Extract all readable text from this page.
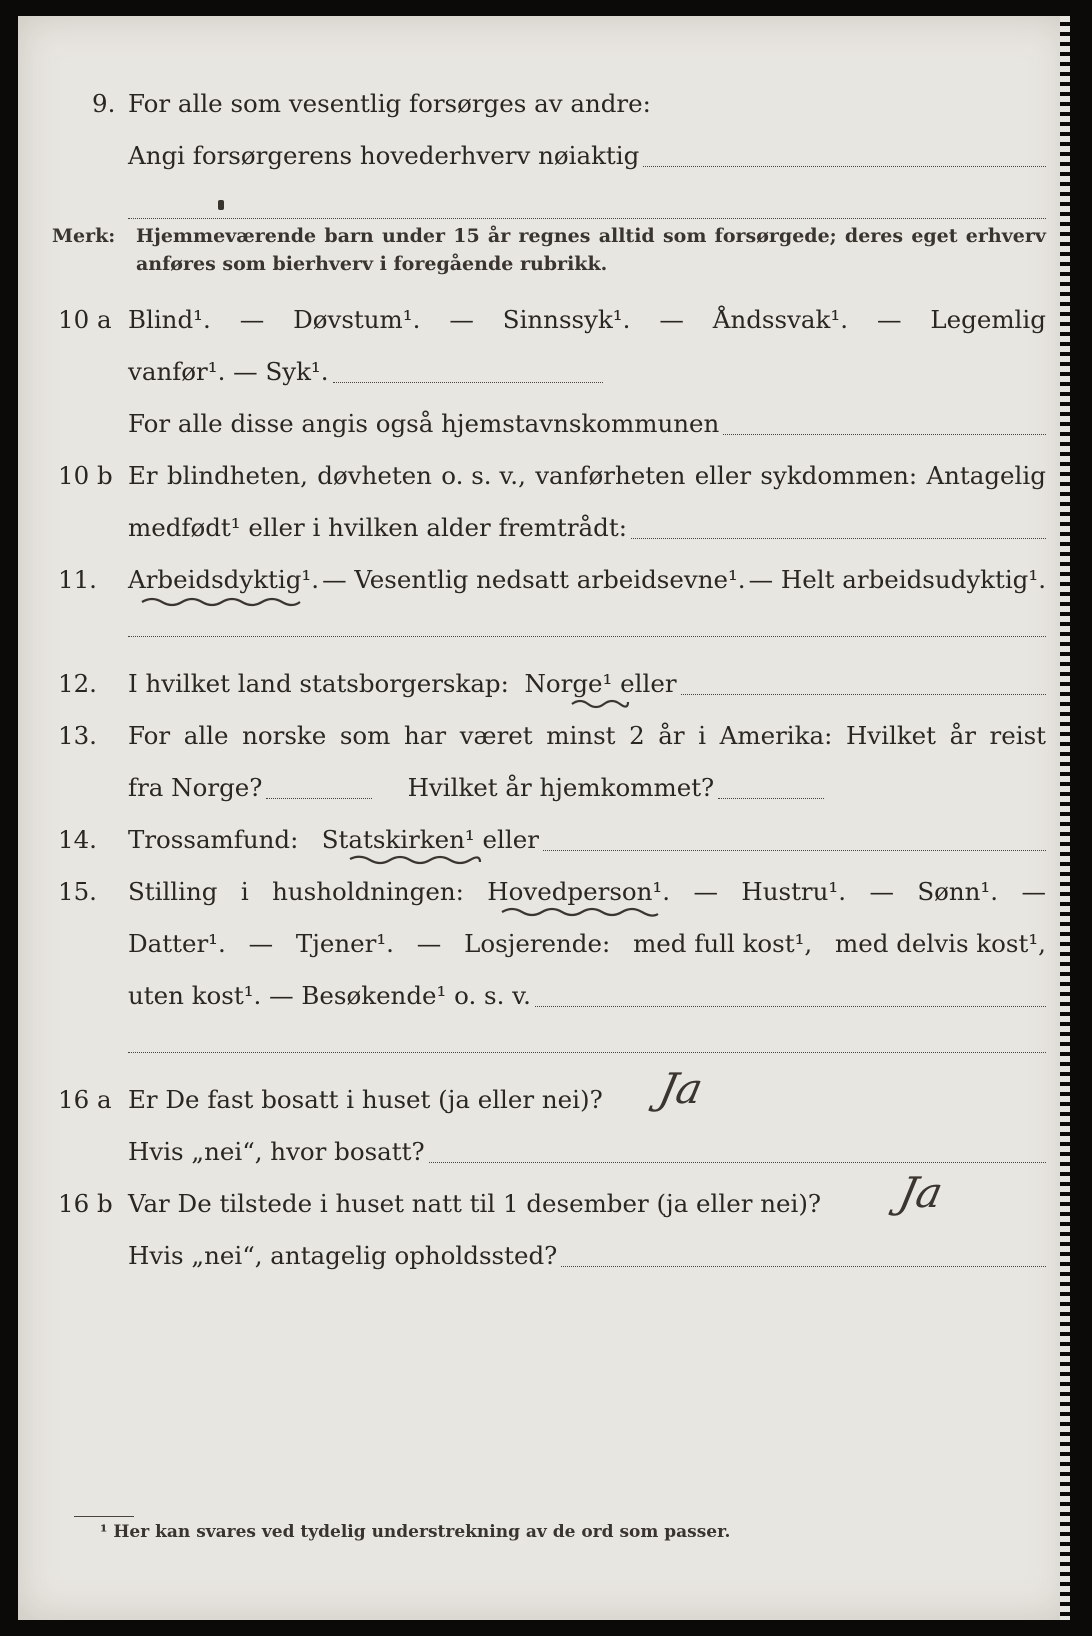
9. For alle som vesentlig forsørges av andre:
Angi forsørgerens hovederhverv nøiaktig
Merk: Hjemmeværende barn under 15 år regnes alltid som forsørgede; deres eget erhverv
anføres som bierhverv i foregående rubrikk.
10 a Blind¹. — Døvstum¹. — Sinnssyk¹. — Åndssvak¹. — Legemlig
vanfør¹. — Syk¹.
For alle disse angis også hjemstavnskommunen
10 b Er blindheten, døvheten o. s. v., vanførheten eller sykdommen: Antagelig
medfødt¹ eller i hvilken alder fremtrådt:
11.	Arbeidsdyktig¹. — Vesentlig nedsatt arbeidsevne¹. — Helt arbeidsudyktig¹.
12.	I hvilket land statsborgerskap:
Norge¹
eller
13.	For alle norske som har været minst 2 år i Amerika: Hvilket år reist
fra Norge?
	Hvilket år hjemkommet?
14.	Trossamfund:
Statskirken¹
eller
15.	Stilling i husholdningen: Hovedperson¹. — Hustru¹. — Sønn¹. —
Datter¹. — Tjener¹. — Losjerende: med full kost¹, med delvis kost¹,
uten kost¹. — Besøkende¹ o. s. v.
16 a Er De fast bosatt i huset (ja eller nei)? Ja
Hvis „nei“, hvor bosatt?
16 b Var De tilstede i huset natt til 1 desember (ja eller nei)? Ja
Hvis „nei“, antagelig opholdssted?
¹ Her kan svares ved tydelig understrekning av de ord som passer.
